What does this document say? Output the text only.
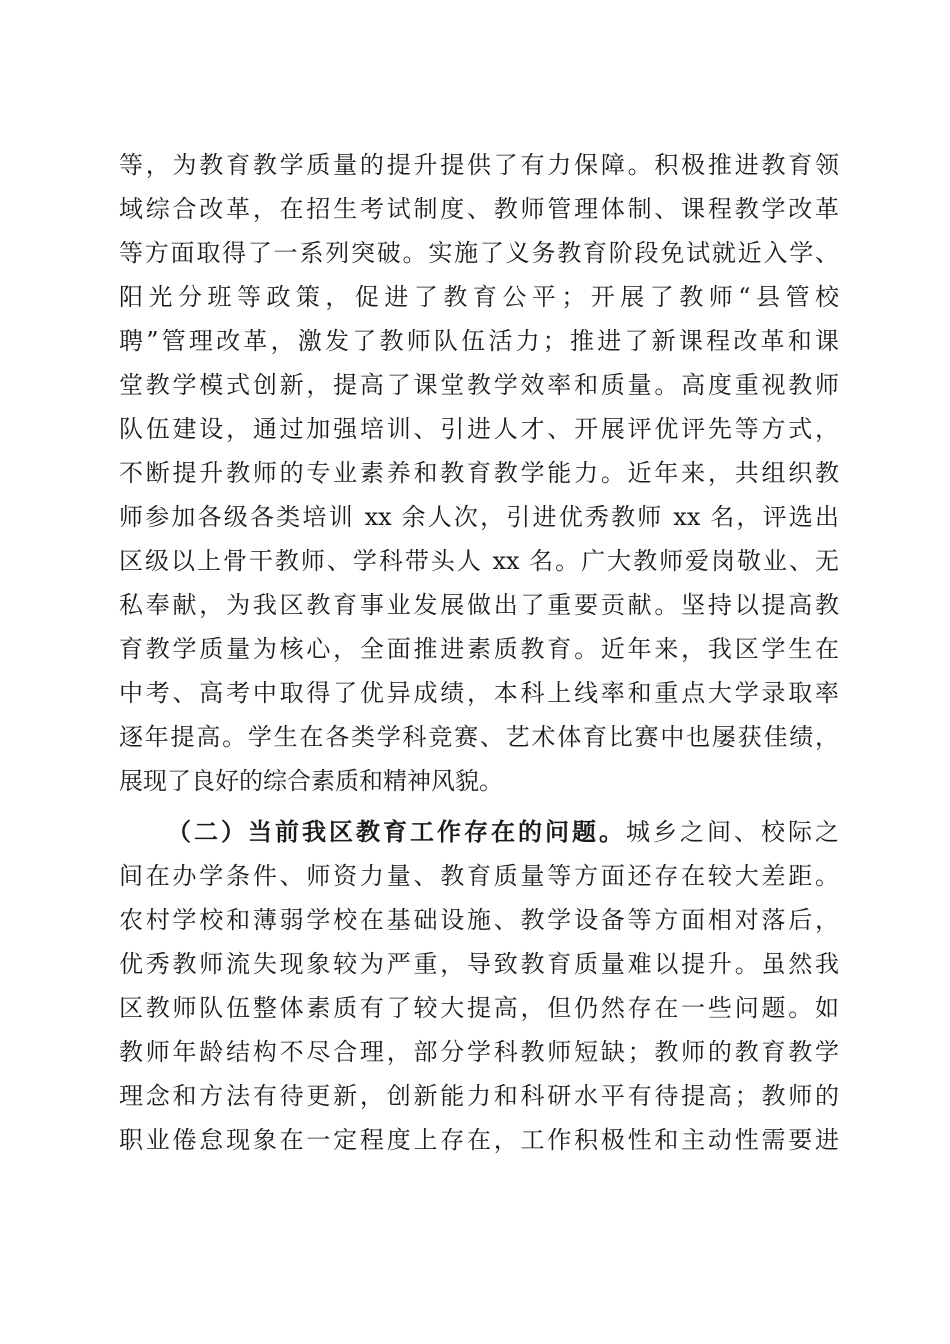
等，为教育教学质量的提升提供了有力保障。积极推进教育领
域综合改革，在招生考试制度、教师管理体制、课程教学改革
等方面取得了一系列突破。实施了义务教育阶段免试就近入学、
阳光分班等政策，促进了教育公平；开展了教师“县管校
聘”管理改革，激发了教师队伍活力；推进了新课程改革和课
堂教学模式创新，提高了课堂教学效率和质量。高度重视教师
队伍建设，通过加强培训、引进人才、开展评优评先等方式，
不断提升教师的专业素养和教育教学能力。近年来，共组织教
师参加各级各类培训 xx 余人次，引进优秀教师 xx 名，评选出
区级以上骨干教师、学科带头人 xx 名。广大教师爱岗敬业、无
私奉献，为我区教育事业发展做出了重要贡献。坚持以提高教
育教学质量为核心，全面推进素质教育。近年来，我区学生在
中考、高考中取得了优异成绩，本科上线率和重点大学录取率
逐年提高。学生在各类学科竞赛、艺术体育比赛中也屡获佳绩，
展现了良好的综合素质和精神风貌。
（二）当前我区教育工作存在的问题。城乡之间、校际之
间在办学条件、师资力量、教育质量等方面还存在较大差距。
农村学校和薄弱学校在基础设施、教学设备等方面相对落后，
优秀教师流失现象较为严重，导致教育质量难以提升。虽然我
区教师队伍整体素质有了较大提高，但仍然存在一些问题。如
教师年龄结构不尽合理，部分学科教师短缺；教师的教育教学
理念和方法有待更新，创新能力和科研水平有待提高；教师的
职业倦怠现象在一定程度上存在，工作积极性和主动性需要进
